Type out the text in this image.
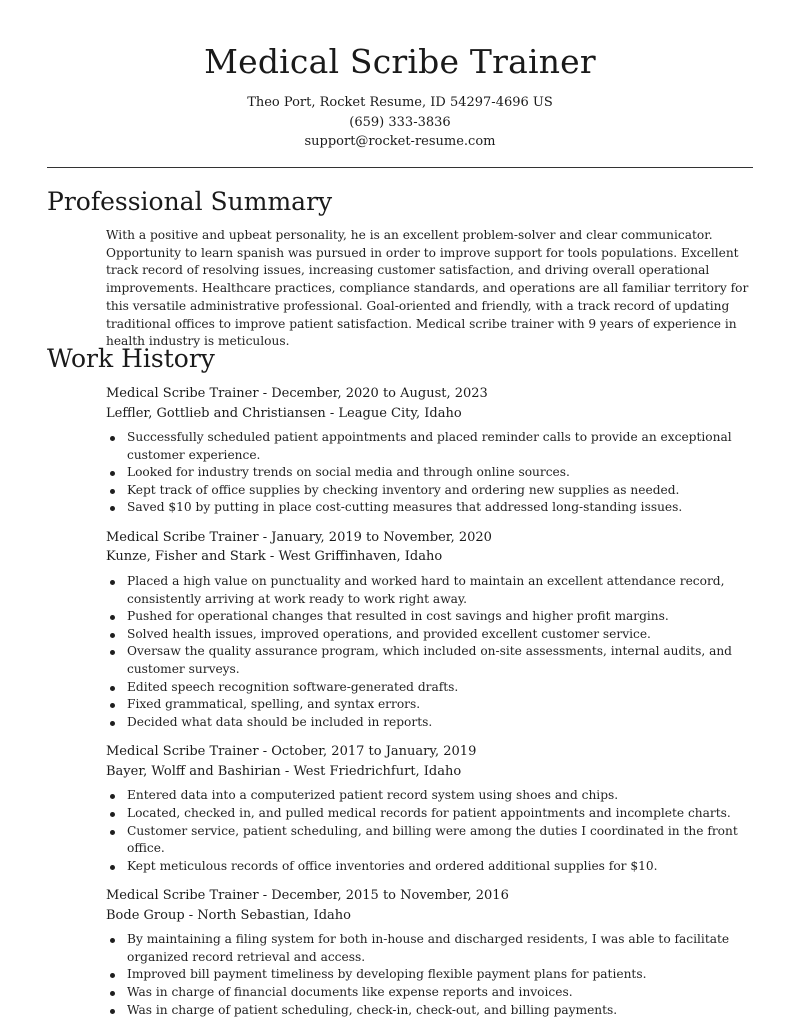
Medical Scribe Trainer
Theo Port, Rocket Resume, ID 54297-4696 US
(659) 333-3836
support@rocket-resume.com
Professional Summary

With a positive and upbeat personality, he is an excellent problem-solver and clear communicator. Opportunity to learn spanish was pursued in order to improve support for tools populations. Excellent track record of resolving issues, increasing customer satisfaction, and driving overall operational improvements. Healthcare practices, compliance standards, and operations are all familiar territory for this versatile administrative professional. Goal-oriented and friendly, with a track record of updating traditional offices to improve patient satisfaction. Medical scribe trainer with 9 years of experience in health industry is meticulous.

Work History
Medical Scribe Trainer - December, 2020 to August, 2023
Leffler, Gottlieb and Christiansen - League City, Idaho
Successfully scheduled patient appointments and placed reminder calls to provide an exceptional customer experience.
Looked for industry trends on social media and through online sources.
Kept track of office supplies by checking inventory and ordering new supplies as needed.
Saved $10 by putting in place cost-cutting measures that addressed long-standing issues.
Medical Scribe Trainer - January, 2019 to November, 2020
Kunze, Fisher and Stark - West Griffinhaven, Idaho
Placed a high value on punctuality and worked hard to maintain an excellent attendance record, consistently arriving at work ready to work right away.
Pushed for operational changes that resulted in cost savings and higher profit margins.
Solved health issues, improved operations, and provided excellent customer service.
Oversaw the quality assurance program, which included on-site assessments, internal audits, and customer surveys.
Edited speech recognition software-generated drafts.
Fixed grammatical, spelling, and syntax errors.
Decided what data should be included in reports.
Medical Scribe Trainer - October, 2017 to January, 2019
Bayer, Wolff and Bashirian - West Friedrichfurt, Idaho
Entered data into a computerized patient record system using shoes and chips.
Located, checked in, and pulled medical records for patient appointments and incomplete charts.
Customer service, patient scheduling, and billing were among the duties I coordinated in the front office.
Kept meticulous records of office inventories and ordered additional supplies for $10.
Medical Scribe Trainer - December, 2015 to November, 2016
Bode Group - North Sebastian, Idaho
By maintaining a filing system for both in-house and discharged residents, I was able to facilitate organized record retrieval and access.
Improved bill payment timeliness by developing flexible payment plans for patients.
Was in charge of financial documents like expense reports and invoices.
Was in charge of patient scheduling, check-in, check-out, and billing payments.
